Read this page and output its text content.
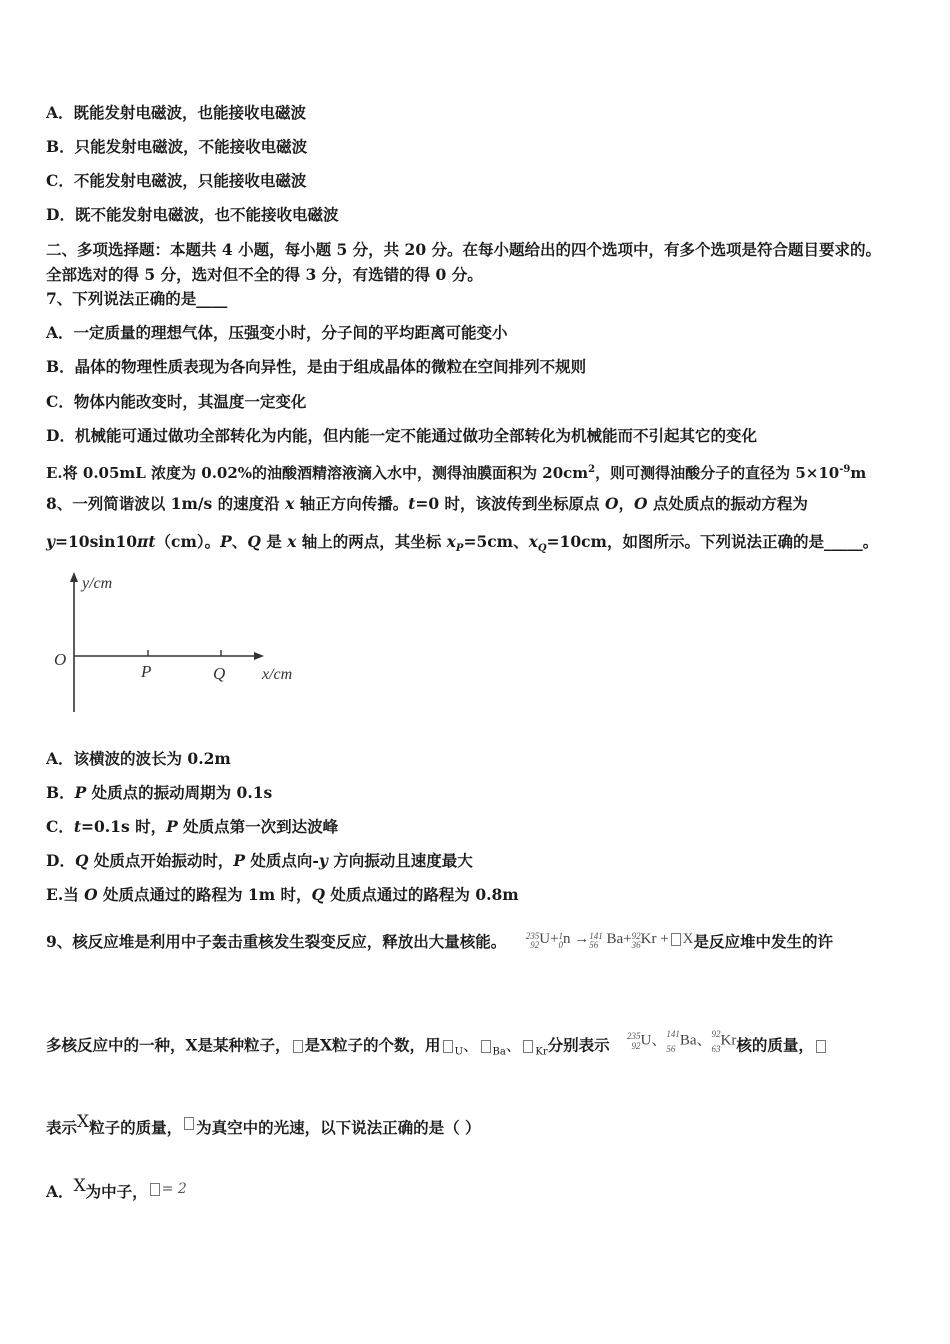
A．既能发射电磁波，也能接收电磁波
B．只能发射电磁波，不能接收电磁波
C．不能发射电磁波，只能接收电磁波
D．既不能发射电磁波，也不能接收电磁波
二、多项选择题：本题共 4 小题，每小题 5 分，共 20 分。在每小题给出的四个选项中，有多个选项是符合题目要求的。
全部选对的得 5 分，选对但不全的得 3 分，有选错的得 0 分。
7、下列说法正确的是____
A．一定质量的理想气体，压强变小时，分子间的平均距离可能变小
B．晶体的物理性质表现为各向异性，是由于组成晶体的微粒在空间排列不规则
C．物体内能改变时，其温度一定变化
D．机械能可通过做功全部转化为内能，但内能一定不能通过做功全部转化为机械能而不引起其它的变化
E.将 0.05mL 浓度为 0.02%的油酸酒精溶液滴入水中，测得油膜面积为 $20cm^2$，则可测得油酸分子的直径为 $5\times 10^{-9}m$
8、一列简谐波以 1m/s 的速度沿 x 轴正方向传播。t=0 时，该波传到坐标原点 O，O 点处质点的振动方程为
y=10sin10πt（cm）。P、Q 是 x 轴上的两点，其坐标 $x_P=5cm$、$x_Q=10cm$，如图所示。下列说法正确的是_____。
y/cm
x/cm
O
P	Q
A．该横波的波长为 0.2m
B．P 处质点的振动周期为 0.1s
C．t=0.1s 时，P 处质点第一次到达波峰
D．Q 处质点开始振动时，P 处质点向-y 方向振动且速度最大
E.当 O 处质点通过的路程为 1m 时，Q 处质点通过的路程为 0.8m
9、核反应堆是利用中子轰击重核发生裂变反应，释放出大量核能。 235
92U+1
0n →141
56 Ba+92
36Kr + X是反应堆中发生的许
多核反应中的一种，X是某种粒子， 是X粒子的个数，用 $_U$、 $_{Ba}$、 $_{Kr}$分别表示 235
92U、141
56Ba、92
63Kr核的质量，
表示X粒子的质量， 为真空中的光速，以下说法正确的是（ ）
A．X为中子， = 2
